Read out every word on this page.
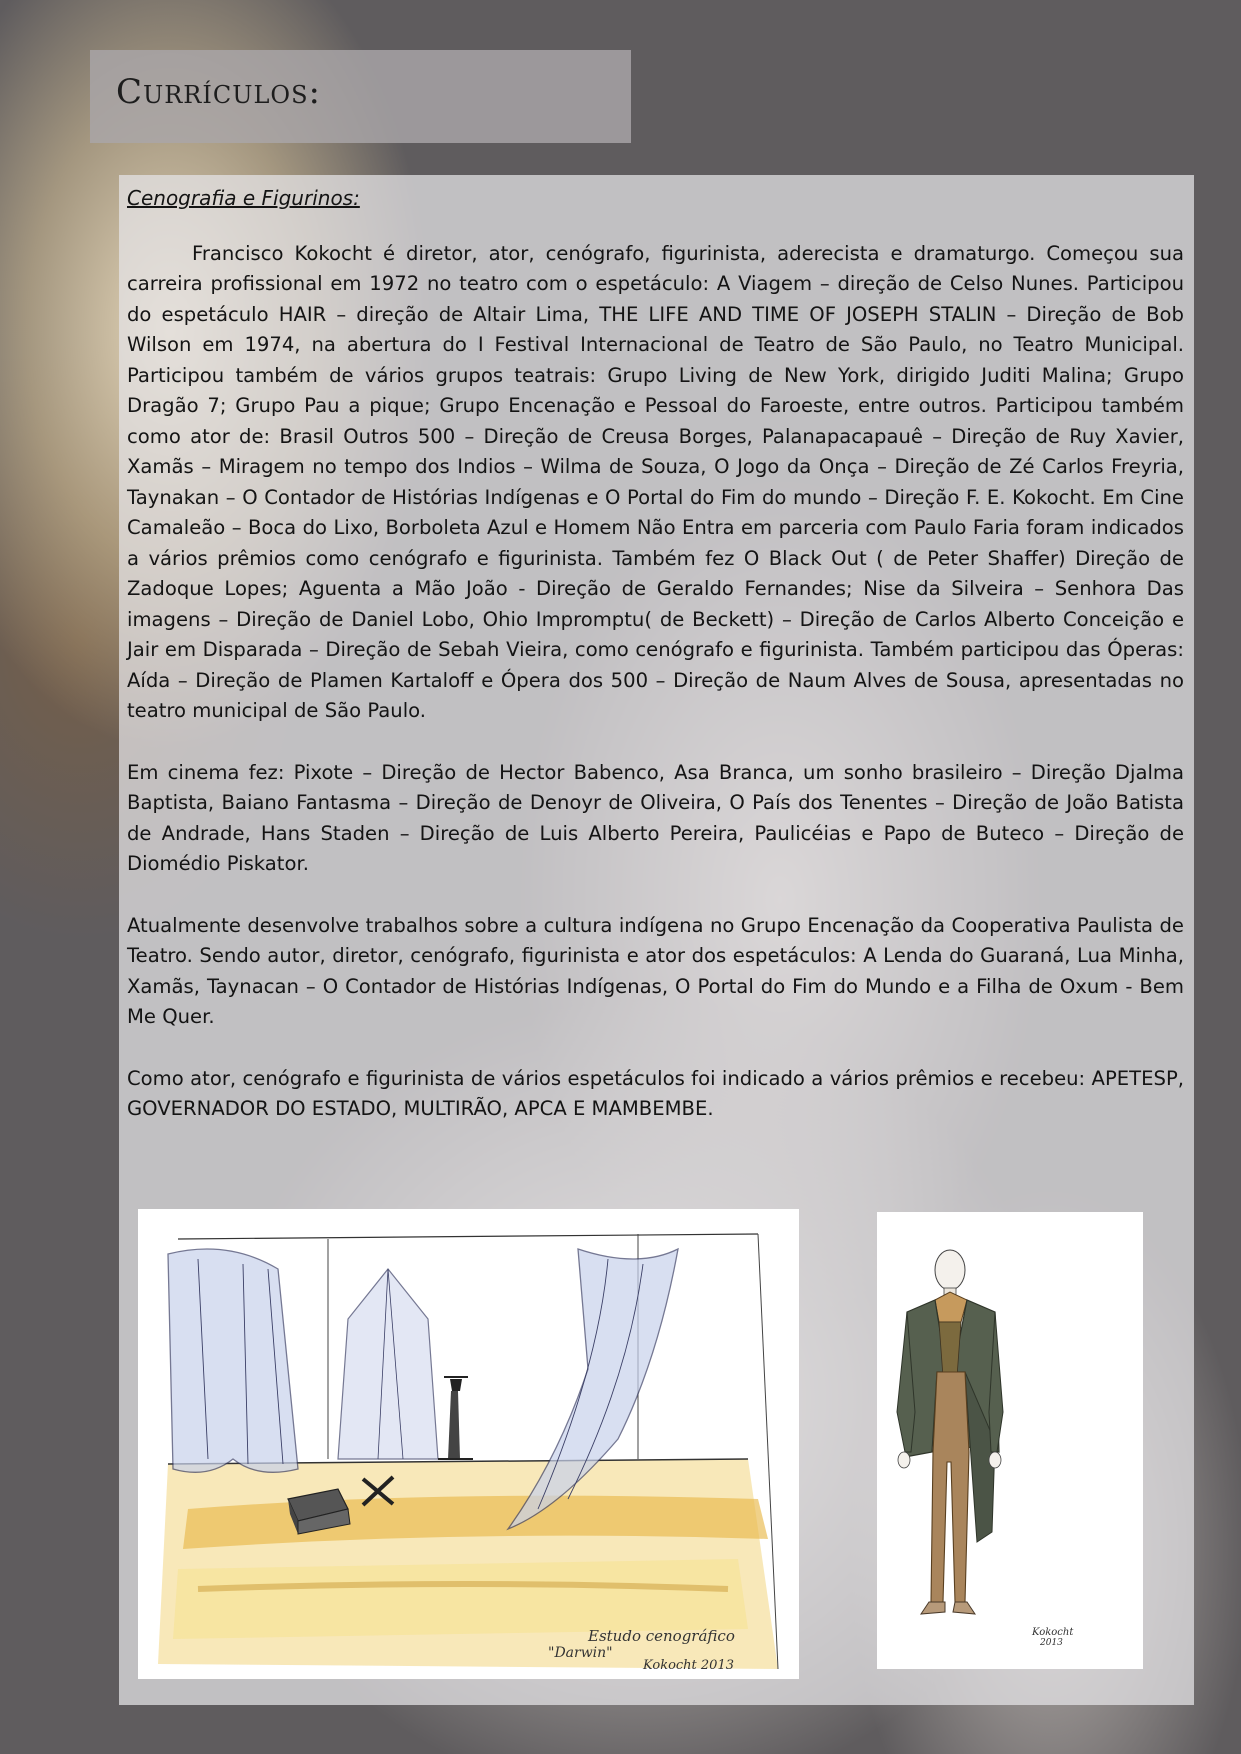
Currículos:

Cenografia e Figurinos:

Francisco Kokocht é diretor, ator, cenógrafo, figurinista, aderecista e dramaturgo. Começou sua carreira profissional em 1972 no teatro com o espetáculo: A Viagem – direção de Celso Nunes. Participou do espetáculo HAIR – direção de Altair Lima, THE LIFE AND TIME OF JOSEPH STALIN – Direção de Bob Wilson em 1974, na abertura do I Festival Internacional de Teatro de São Paulo, no Teatro Municipal. Participou também de vários grupos teatrais: Grupo Living de New York, dirigido Juditi Malina; Grupo Dragão 7; Grupo Pau a pique; Grupo Encenação e Pessoal do Faroeste, entre outros. Participou também como ator de: Brasil Outros 500 – Direção de Creusa Borges, Palanapacapauê – Direção de Ruy Xavier, Xamãs – Miragem no tempo dos Indios – Wilma de Souza, O Jogo da Onça – Direção de Zé Carlos Freyria, Taynakan – O Contador de Histórias Indígenas e O Portal do Fim do mundo – Direção F. E. Kokocht. Em Cine Camaleão – Boca do Lixo, Borboleta Azul e Homem Não Entra em parceria com Paulo Faria foram indicados a vários prêmios como cenógrafo e figurinista. Também fez O Black Out ( de Peter Shaffer) Direção de Zadoque Lopes; Aguenta a Mão João - Direção de Geraldo Fernandes; Nise da Silveira – Senhora Das imagens – Direção de Daniel Lobo, Ohio Impromptu( de Beckett) – Direção de Carlos Alberto Conceição e Jair em Disparada – Direção de Sebah Vieira, como cenógrafo e figurinista. Também participou das Óperas: Aída – Direção de Plamen Kartaloff e Ópera dos 500 – Direção de Naum Alves de Sousa, apresentadas no teatro municipal de São Paulo.

Em cinema fez: Pixote – Direção de Hector Babenco, Asa Branca, um sonho brasileiro – Direção Djalma Baptista, Baiano Fantasma – Direção de Denoyr de Oliveira, O País dos Tenentes – Direção de João Batista de Andrade, Hans Staden – Direção de Luis Alberto Pereira, Paulicéias e Papo de Buteco – Direção de Diomédio Piskator.

Atualmente desenvolve trabalhos sobre a cultura indígena no Grupo Encenação da Cooperativa Paulista de Teatro. Sendo autor, diretor, cenógrafo, figurinista e ator dos espetáculos: A Lenda do Guaraná, Lua Minha, Xamãs, Taynacan – O Contador de Histórias Indígenas, O Portal do Fim do Mundo e a Filha de Oxum - Bem Me Quer.

Como ator, cenógrafo e figurinista de vários espetáculos foi indicado a vários prêmios e recebeu: APETESP, GOVERNADOR DO ESTADO, MULTIRÃO, APCA E MAMBEMBE.

Estudo cenográfico
"Darwin"
Kokocht 2013
Kokocht
2013
